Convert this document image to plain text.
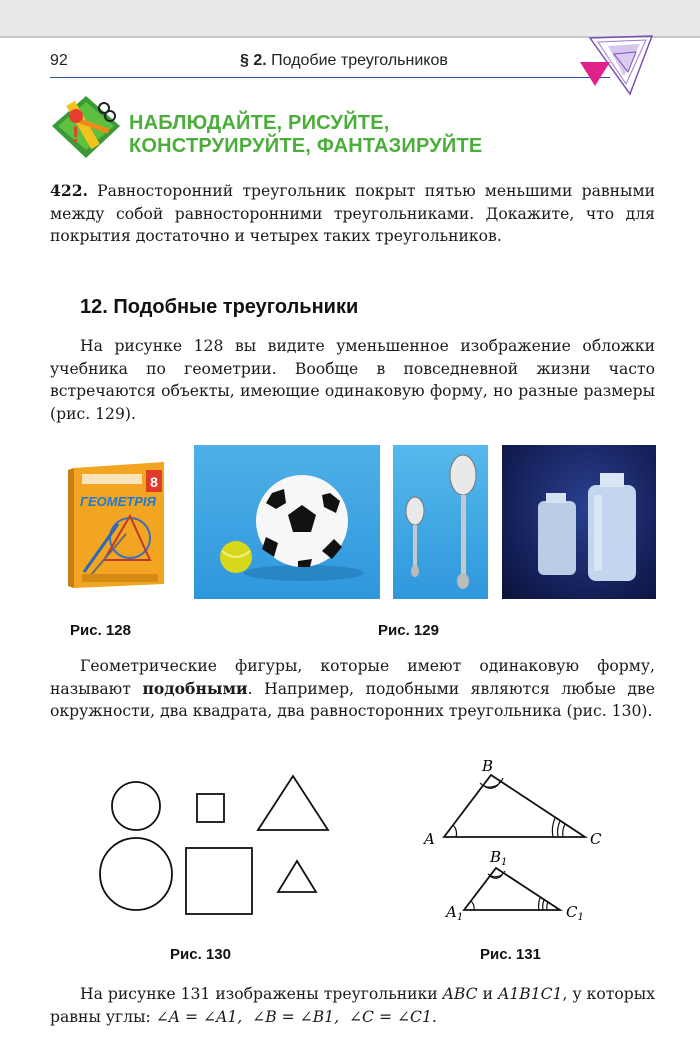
92	§ 2. Подобие треугольников
! НАБЛЮДАЙТЕ, РИСУЙТЕ,
КОНСТРУИРУЙТЕ, ФАНТАЗИРУЙТЕ
422. Равносторонний треугольник покрыт пятью меньшими равными между собой равносторонними треугольниками. Докажите, что для покрытия достаточно и четырех таких треугольников.
12. Подобные треугольники
На рисунке 128 вы видите уменьшенное изображение обложки учебника по геометрии. Вообще в повседневной жизни часто встречаются объекты, имеющие одинаковую форму, но разные размеры (рис. 129).
8
ГЕОМЕТРІЯ
Рис. 128	Рис. 129
Геометрические фигуры, которые имеют одинаковую форму, называют подобными. Например, подобными являются любые две окружности, два квадрата, два равносторонних треугольника (рис. 130).
B
A	C
$B_1$
$A_1$	$C_1$
Рис. 130	Рис. 131
На рисунке 131 изображены треугольники ABC и A1B1C1, у которых равны углы: ∠A = ∠A1, ∠B = ∠B1, ∠C = ∠C1.
